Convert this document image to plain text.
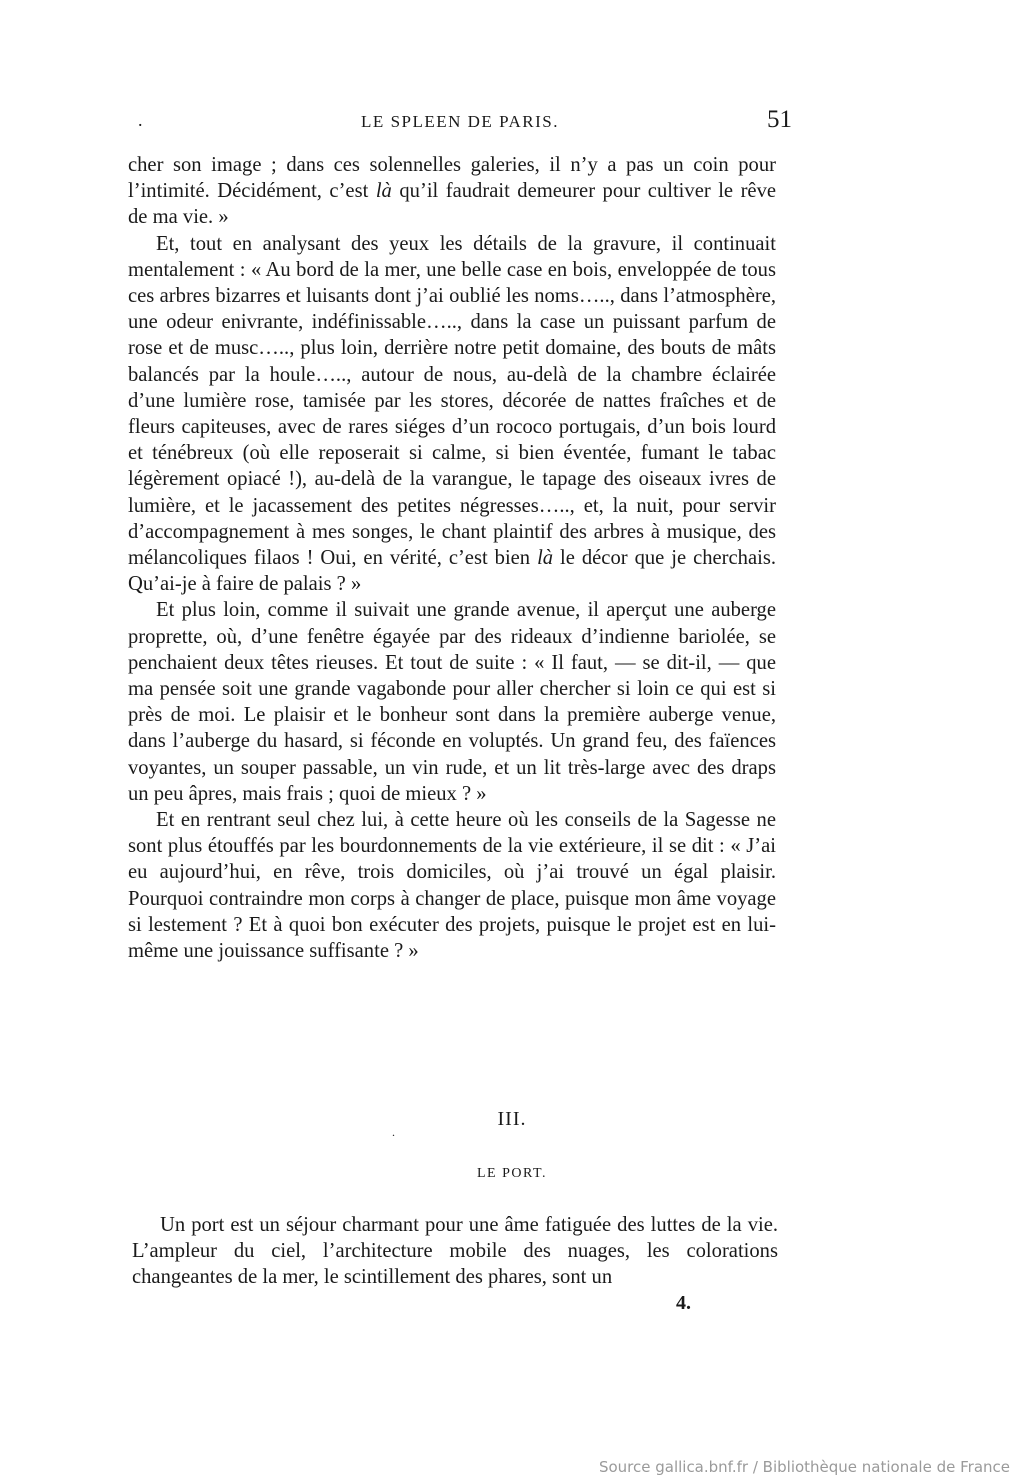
.	LE SPLEEN DE PARIS.	51

cher son image ; dans ces solennelles galeries, il n’y a pas un coin pour l’intimité. Décidément, c’est là qu’il faudrait demeurer pour cultiver le rêve de ma vie. »

Et, tout en analysant des yeux les détails de la gravure, il continuait mentalement : « Au bord de la mer, une belle case en bois, enveloppée de tous ces arbres bizarres et luisants dont j’ai oublié les noms….., dans l’atmosphère, une odeur enivrante, indéfinissable….., dans la case un puissant parfum de rose et de musc….., plus loin, derrière notre petit domaine, des bouts de mâts balancés par la houle….., autour de nous, au-delà de la chambre éclairée d’une lumière rose, tamisée par les stores, décorée de nattes fraîches et de fleurs capiteuses, avec de rares siéges d’un rococo portugais, d’un bois lourd et ténébreux (où elle reposerait si calme, si bien éventée, fumant le tabac légèrement opiacé !), au-delà de la varangue, le tapage des oiseaux ivres de lumière, et le jacassement des petites négresses….., et, la nuit, pour servir d’accompagnement à mes songes, le chant plaintif des arbres à musique, des mélancoliques filaos ! Oui, en vérité, c’est bien là le décor que je cherchais. Qu’ai-je à faire de palais ? »

Et plus loin, comme il suivait une grande avenue, il aperçut une auberge proprette, où, d’une fenêtre égayée par des rideaux d’indienne bariolée, se penchaient deux têtes rieuses. Et tout de suite : « Il faut, — se dit-il, — que ma pensée soit une grande vagabonde pour aller chercher si loin ce qui est si près de moi. Le plaisir et le bonheur sont dans la première auberge venue, dans l’auberge du hasard, si féconde en voluptés. Un grand feu, des faïences voyantes, un souper passable, un vin rude, et un lit très-large avec des draps un peu âpres, mais frais ; quoi de mieux ? »

Et en rentrant seul chez lui, à cette heure où les conseils de la Sagesse ne sont plus étouffés par les bourdonnements de la vie extérieure, il se dit : « J’ai eu aujourd’hui, en rêve, trois domiciles, où j’ai trouvé un égal plaisir. Pourquoi contraindre mon corps à changer de place, puisque mon âme voyage si lestement ? Et à quoi bon exécuter des projets, puisque le projet est en lui-même une jouissance suffisante ? »

III.
.
LE PORT.

Un port est un séjour charmant pour une âme fatiguée des luttes de la vie. L’ampleur du ciel, l’architecture mobile des nuages, les colorations changeantes de la mer, le scintillement des phares, sont un

4.
Source gallica.bnf.fr / Bibliothèque nationale de France
